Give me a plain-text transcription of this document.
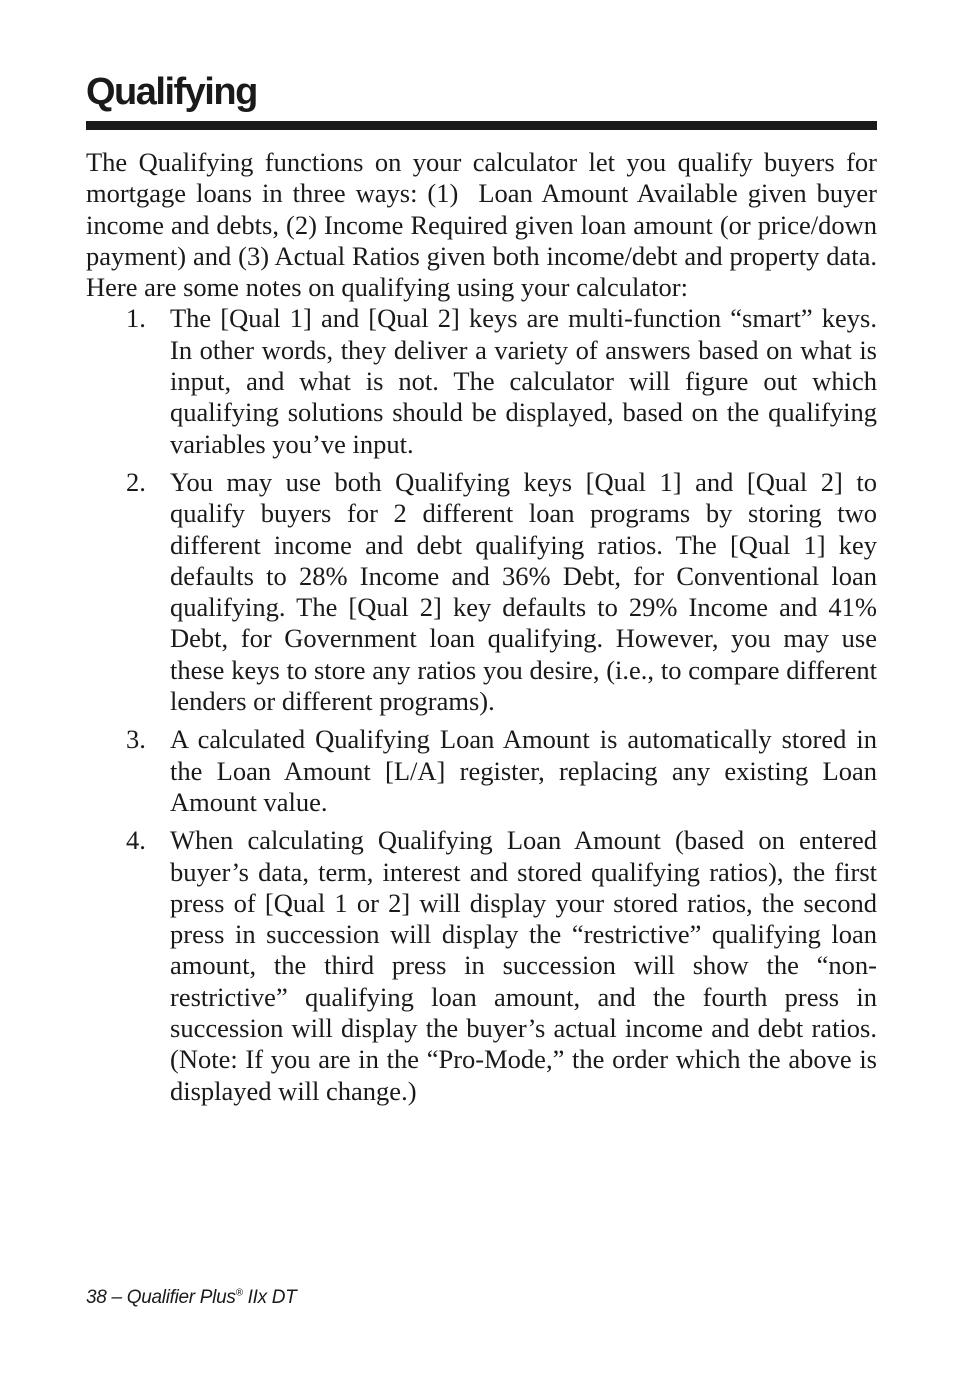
Qualifying

The Qualifying functions on your calculator let you qualify buyers for mortgage loans in three ways: (1)  Loan Amount Available given buyer income and debts, (2) Income Required given loan amount (or price/down payment) and (3) Actual Ratios given both income/debt and property data. Here are some notes on qualifying using your calculator:

1. The [Qual 1] and [Qual 2] keys are multi-function “smart” keys. In other words, they deliver a variety of answers based on what is input, and what is not. The calculator will figure out which qualifying solutions should be displayed, based on the qualifying variables you’ve input.
2. You may use both Qualifying keys [Qual 1] and [Qual 2] to qualify buyers for 2 different loan programs by storing two different income and debt qualifying ratios. The [Qual 1] key defaults to 28% Income and 36% Debt, for Conventional loan qualifying. The [Qual 2] key defaults to 29% Income and 41% Debt, for Government loan qualifying. However, you may use these keys to store any ratios you desire, (i.e., to compare different lenders or different programs).
3. A calculated Qualifying Loan Amount is automatically stored in the Loan Amount [L/A] register, replacing any existing Loan Amount value.
4. When calculating Qualifying Loan Amount (based on entered buyer’s data, term, interest and stored qualifying ratios), the first press of [Qual 1 or 2] will display your stored ratios, the second press in succession will display the “restrictive” qualifying loan amount, the third press in succession will show the “non-restrictive” qualifying loan amount, and the fourth press in succession will display the buyer’s actual income and debt ratios. (Note: If you are in the “Pro-Mode,” the order which the above is displayed will change.)
38 – Qualifier Plus® IIx DT
